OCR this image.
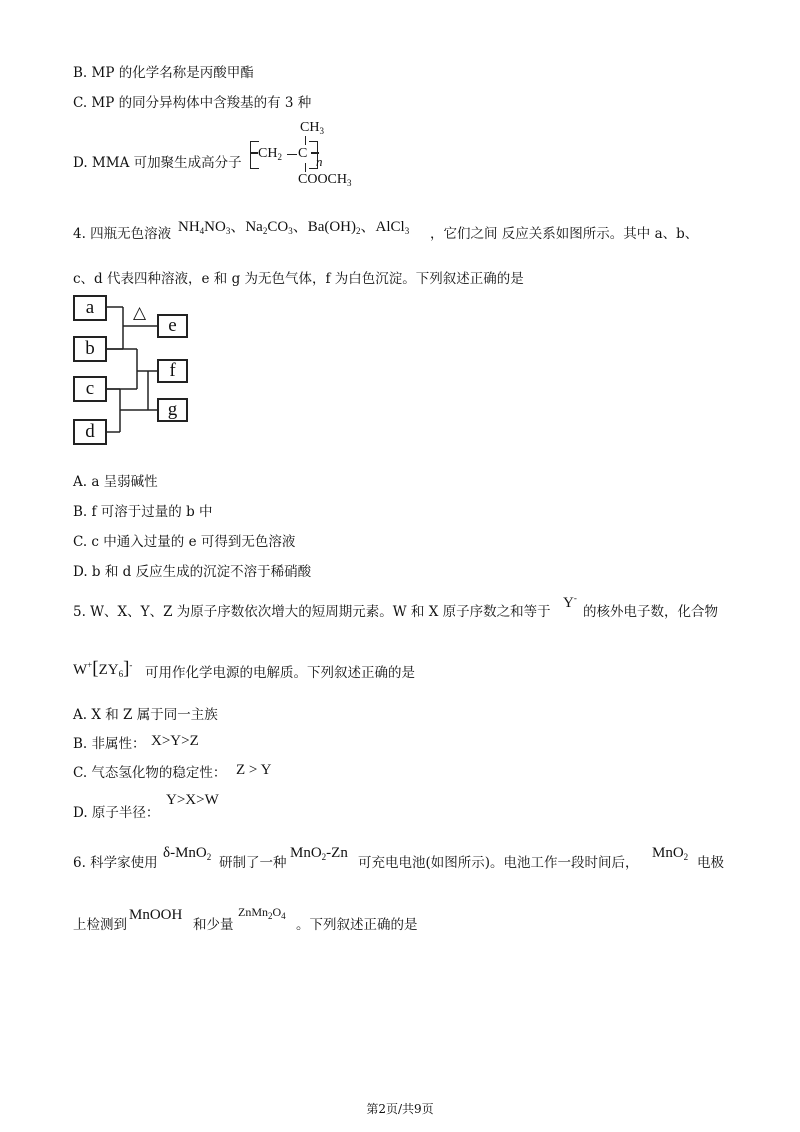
B. MP 的化学名称是丙酸甲酯
C. MP 的同分异构体中含羧基的有 3 种
D. MMA 可加聚生成高分子
$CH_3$
$CH_2$ C
n
$COOCH_3$
4. 四瓶无色溶液 $NH_4NO_3$、$Na_2CO_3$、$Ba(OH)_2$、AlCl$_3$ ，它们之间 反应关系如图所示。其中 a、b、
c、d 代表四种溶液，e 和 g 为无色气体，f 为白色沉淀。下列叙述正确的是
a
b
c
d
e
f
g
△
A. a 呈弱碱性
B. f 可溶于过量的 b 中
C. c 中通入过量的 e 可得到无色溶液
D. b 和 d 反应生成的沉淀不溶于稀硝酸
5. W、X、Y、Z 为原子序数依次增大的短周期元素。W 和 X 原子序数之和等于
Y-
的核外电子数，化合物
$W^+[ZY_6]^-$ 可用作化学电源的电解质。下列叙述正确的是
A. X 和 Z 属于同一主族
B. 非属性： X>Y>Z
C. 气态氢化物的稳定性： Z > Y
D. 原子半径：
Y>X>W
6. 科学家使用
δ-MnO$_2$ 研制了一种
MnO$_2$-Zn
可充电电池(如图所示)。电池工作一段时间后，
MnO$_2$ 电极
上检测到
MnOOH
和少量
$ZnMn_2O_4$
。下列叙述正确的是
第2页/共9页
